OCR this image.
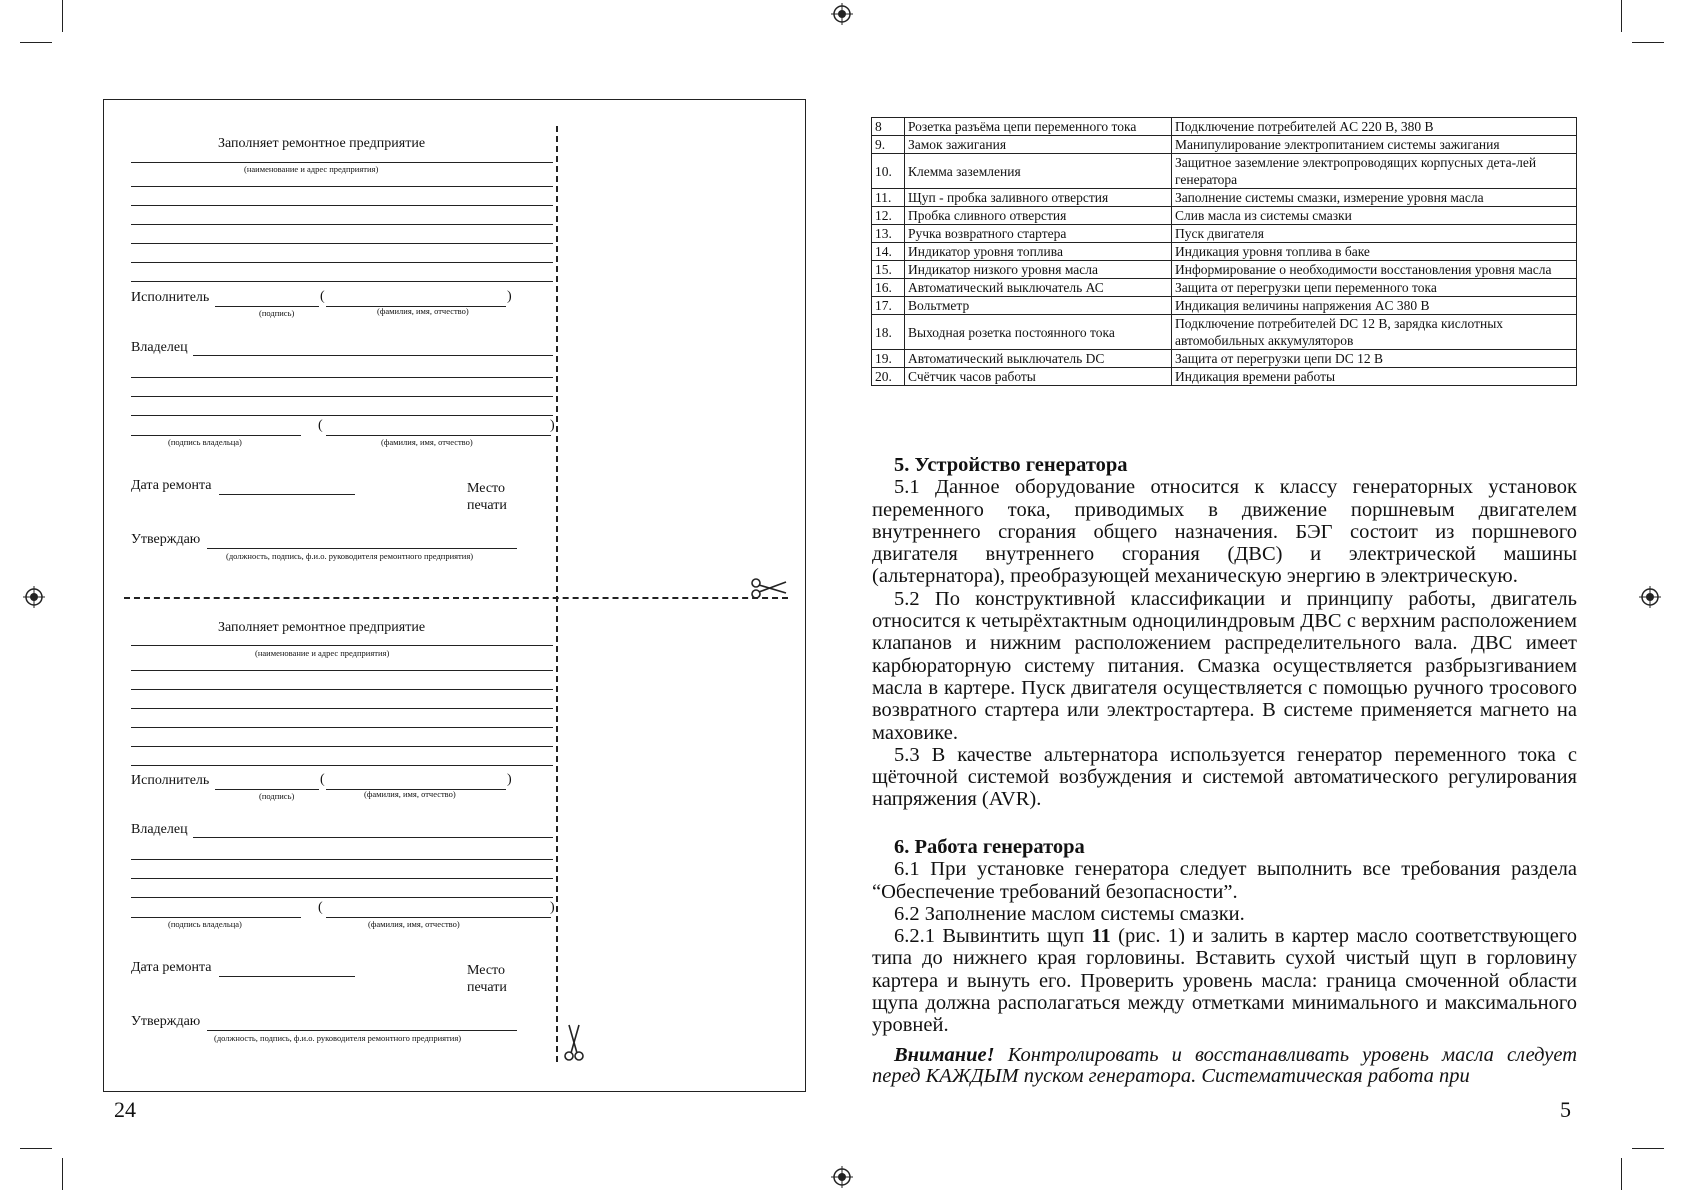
Заполняет ремонтное предприятие
(наименование и адрес предприятия)
Исполнитель	(	)
(подпись)	(фамилия, имя, отчество)
Владелец
(	)
(подпись владельца)	(фамилия, имя, отчество)
Дата ремонта	Место
печати
Утверждаю
(должность, подпись, ф.и.о. руководителя ремонтного предприятия)
Заполняет ремонтное предприятие
(наименование и адрес предприятия)
Исполнитель	(	)
(подпись)	(фамилия, имя, отчество)
Владелец
(	)
(подпись владельца)	(фамилия, имя, отчество)
Дата ремонта	Место
печати
Утверждаю
(должность, подпись, ф.и.о. руководителя ремонтного предприятия)
24
8	Розетка разъёма цепи переменного тока	Подключение потребителей AC 220 В, 380 В
9.	Замок зажигания	Манипулирование электропитанием системы зажигания
10.	Клемма заземления	Защитное заземление электропроводящих корпусных дета-лей генератора
11.	Щуп - пробка заливного отверстия	Заполнение системы смазки, измерение уровня масла
12.	Пробка сливного отверстия	Слив масла из системы смазки
13.	Ручка возвратного стартера	Пуск двигателя
14.	Индикатор уровня топлива	Индикация уровня топлива в баке
15.	Индикатор низкого уровня масла	Информирование о необходимости восстановления уровня масла
16.	Автоматический выключатель АС	Защита от перегрузки цепи переменного тока
17.	Вольтметр	Индикация величины напряжения AC 380 В
18.	Выходная розетка постоянного тока	Подключение потребителей DC 12 В, зарядка кислотных автомобильных аккумуляторов
19.	Автоматический выключатель DC	Защита от перегрузки цепи DC 12 В
20.	Счётчик часов работы	Индикация времени работы
5. Устройство генератора

5.1 Данное оборудование относится к классу генераторных установок переменного тока, приводимых в движение поршневым двигателем внутреннего сгорания общего назначения. БЭГ состоит из поршневого двигателя внутреннего сгорания (ДВС) и электрической машины (альтернатора), преобразующей механическую энергию в электрическую.

5.2 По конструктивной классификации и принципу работы, двигатель относится к четырёхтактным одноцилиндровым ДВС с верхним расположением клапанов и нижним расположением распределительного вала. ДВС имеет карбюраторную систему питания. Смазка осуществляется разбрызгиванием масла в картере. Пуск двигателя осуществляется с помощью ручного тросового возвратного стартера или электростартера. В системе применяется магнето на маховике.

5.3 В качестве альтернатора используется генератор переменного тока с щёточной системой возбуждения и системой автоматического регулирования напряжения (AVR).

6. Работа генератора

6.1 При установке генератора следует выполнить все требования раздела “Обеспечение требований безопасности”.

6.2 Заполнение маслом системы смазки.

6.2.1 Вывинтить щуп 11 (рис. 1) и залить в картер масло соответствующего типа до нижнего края горловины. Вставить сухой чистый щуп в горловину картера и вынуть его. Проверить уровень масла: граница смоченной области щупа должна располагаться между отметками минимального и максимального уровней.

Внимание! Контролировать и восстанавливать уровень масла следует перед КАЖДЫМ пуском генератора. Систематическая работа при

5
